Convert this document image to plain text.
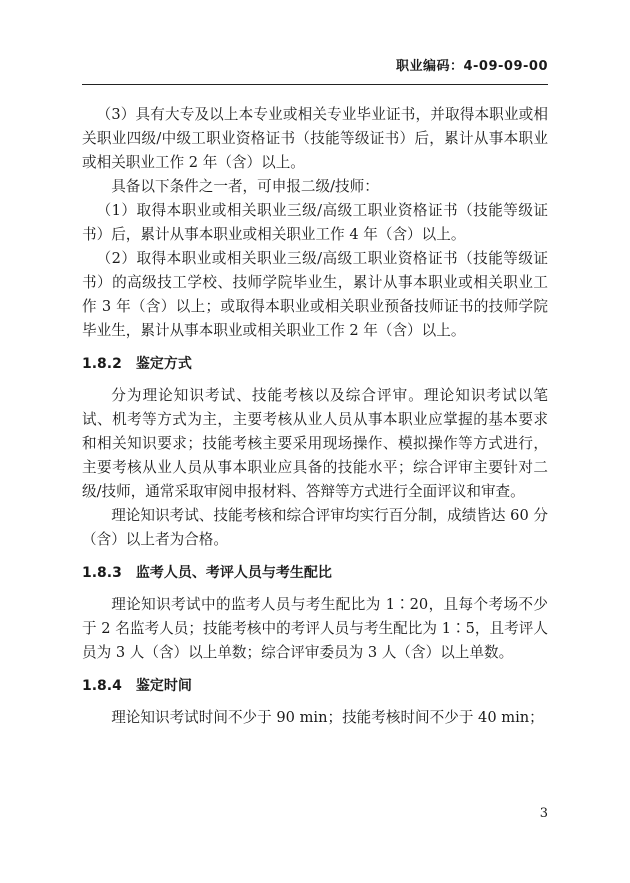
职业编码：4-09-09-00

（3）具有大专及以上本专业或相关专业毕业证书，并取得本职业或相关职业四级/中级工职业资格证书（技能等级证书）后，累计从事本职业或相关职业工作 2 年（含）以上。

具备以下条件之一者，可申报二级/技师：

（1）取得本职业或相关职业三级/高级工职业资格证书（技能等级证书）后，累计从事本职业或相关职业工作 4 年（含）以上。

（2）取得本职业或相关职业三级/高级工职业资格证书（技能等级证书）的高级技工学校、技师学院毕业生，累计从事本职业或相关职业工作 3 年（含）以上；或取得本职业或相关职业预备技师证书的技师学院毕业生，累计从事本职业或相关职业工作 2 年（含）以上。

1.8.2 鉴定方式

分为理论知识考试、技能考核以及综合评审。理论知识考试以笔试、机考等方式为主，主要考核从业人员从事本职业应掌握的基本要求和相关知识要求；技能考核主要采用现场操作、模拟操作等方式进行，主要考核从业人员从事本职业应具备的技能水平；综合评审主要针对二级/技师，通常采取审阅申报材料、答辩等方式进行全面评议和审查。

理论知识考试、技能考核和综合评审均实行百分制，成绩皆达 60 分（含）以上者为合格。

1.8.3 监考人员、考评人员与考生配比

理论知识考试中的监考人员与考生配比为 1∶20，且每个考场不少于 2 名监考人员；技能考核中的考评人员与考生配比为 1∶5，且考评人员为 3 人（含）以上单数；综合评审委员为 3 人（含）以上单数。

1.8.4 鉴定时间

理论知识考试时间不少于 90 min；技能考核时间不少于 40 min；

3
